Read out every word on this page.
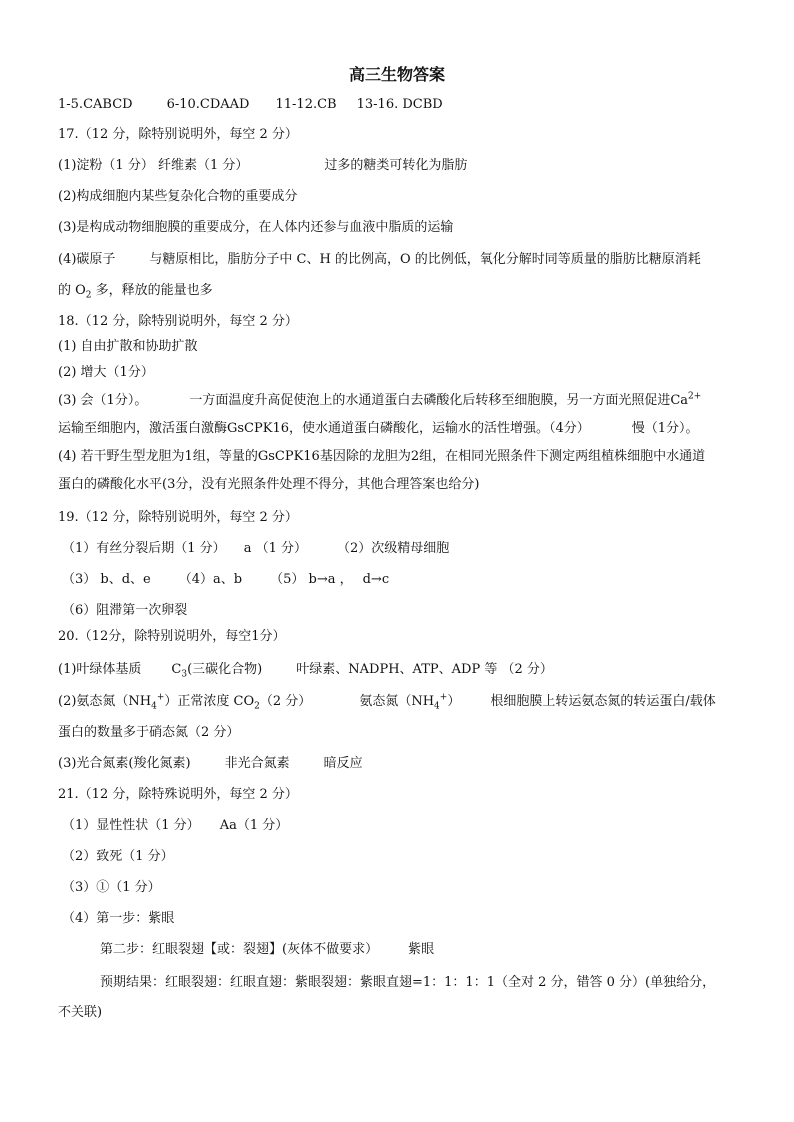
高三生物答案
1-5.CABCD	6-10.CDAAD 11-12.CB 13-16. DCBD
17.（12 分，除特别说明外，每空 2 分）
(1)淀粉（1 分） 纤维素（1 分）	过多的糖类可转化为脂肪
(2)构成细胞内某些复杂化合物的重要成分
(3)是构成动物细胞膜的重要成分，在人体内还参与血液中脂质的运输
(4)碳原子	与糖原相比，脂肪分子中 C、H 的比例高，O 的比例低，氧化分解时同等质量的脂肪比糖原消耗
的 $O_2$ 多，释放的能量也多
18.（12 分，除特别说明外，每空 2 分）
(1) 自由扩散和协助扩散
(2) 增大（1分）
(3) 会（1分）。	一方面温度升高促使泡上的水通道蛋白去磷酸化后转移至细胞膜，另一方面光照促进$Ca^{2+}$
运输至细胞内，激活蛋白激酶GsCPK16，使水通道蛋白磷酸化，运输水的活性增强。（4分）	慢（1分）。
(4) 若干野生型龙胆为1组，等量的GsCPK16基因除的龙胆为2组，在相同光照条件下测定两组植株细胞中水通道
蛋白的磷酸化水平(3分，没有光照条件处理不得分，其他合理答案也给分)
19.（12 分，除特别说明外，每空 2 分）
（1）有丝分裂后期（1 分） a （1 分） （2）次级精母细胞
（3） b、d、e （4）a、b （5） b→a ， d→c
（6）阻滞第一次卵裂
20.（12分，除特别说明外，每空1分）
(1)叶绿体基质 $C_3$(三碳化合物)	叶绿素、NADPH、ATP、ADP 等 （2 分）
(2)氨态氮$(NH_4^+)$正常浓度 $CO_2(2$ 分）	氨态氮$(NH_4^+)$ 根细胞膜上转运氨态氮的转运蛋白/载体
蛋白的数量多于硝态氮（2 分）
(3)光合氮素(羧化氮素)	非光合氮素	暗反应
21.（12 分，除特殊说明外，每空 2 分）
（1）显性性状（1 分） Aa（1 分）
（2）致死（1 分）
（3）①（1 分）
（4）第一步：紫眼
第二步：红眼裂翅【或：裂翅】(灰体不做要求） 紫眼
预期结果：红眼裂翅：红眼直翅：紫眼裂翅：紫眼直翅=1：1：1：1（全对 2 分，错答 0 分）(单独给分，
不关联)
